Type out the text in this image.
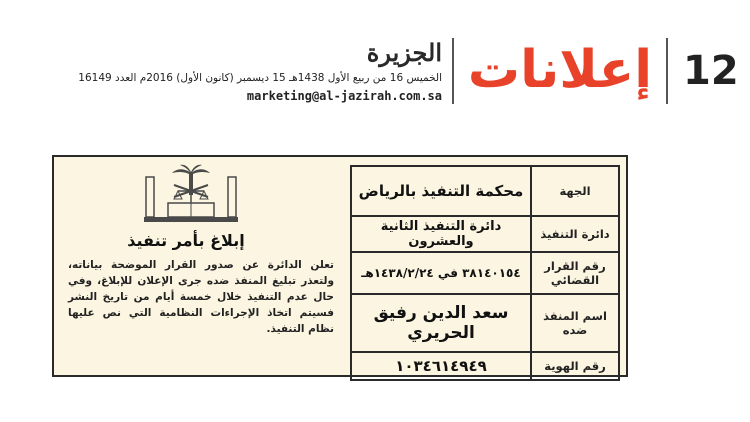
12
إعلانات
الجزيرة
الخميس 16 من ربيع الأول 1438هـ 15 ديسمبر (كانون الأول) 2016م العدد 16149
marketing@al-jazirah.com.sa
الجهة	محكمة التنفيذ بالرياض
دائرة التنفيذ	دائرة التنفيذ الثانية والعشرون
رقم القرار القضائي	٣٨١٤٠١٥٤ في ١٤٣٨/٢/٢٤هـ
اسم المنفذ ضده	سعد الدين رفيق الحريري
رقم الهوية	١٠٣٤٦١٤٩٤٩
إبلاغ بأمر تنفيذ
تعلن الدائرة عن صدور القرار الموضحة بياناته، ولتعذر تبليغ المنفذ ضده جرى الإعلان للإبلاغ، وفي حال عدم التنفيذ خلال خمسة أيام من تاريخ النشر فسيتم اتخاذ الإجراءات النظامية التي نص عليها نظام التنفيذ.
